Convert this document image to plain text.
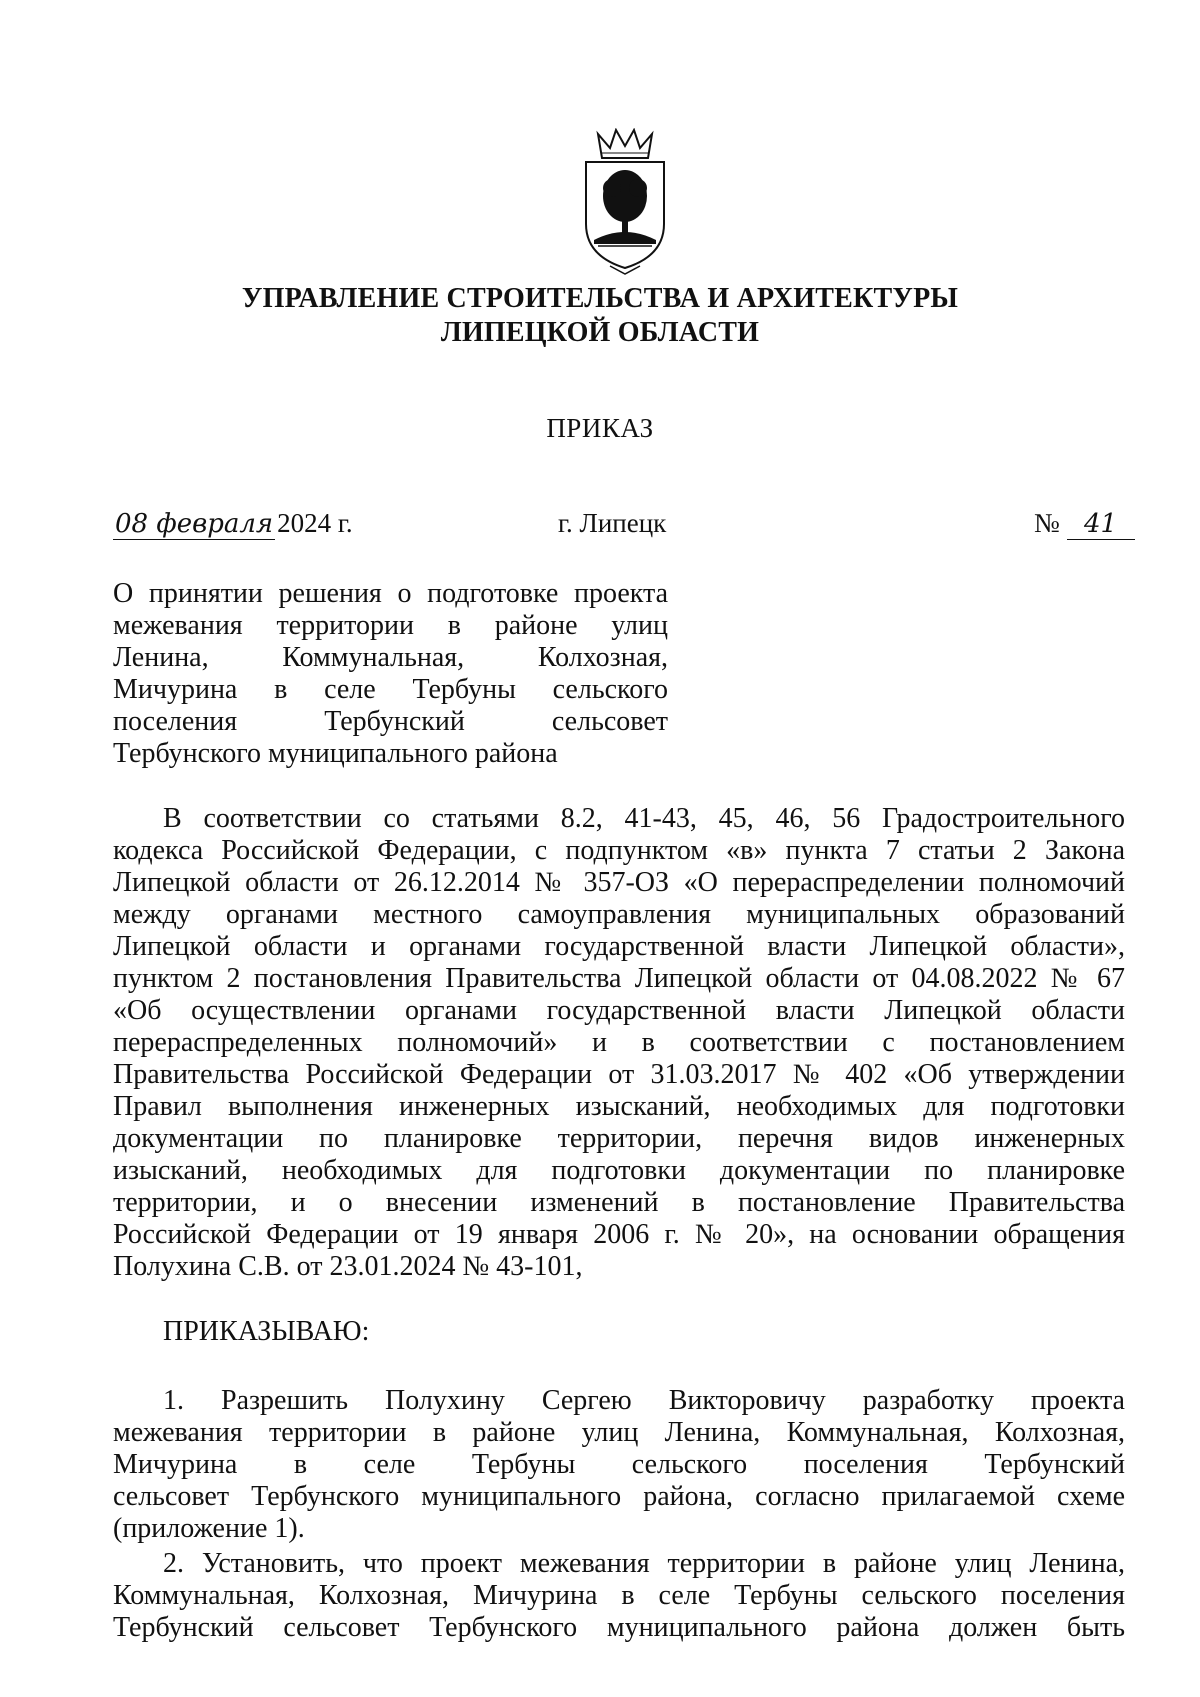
УПРАВЛЕНИЕ СТРОИТЕЛЬСТВА И АРХИТЕКТУРЫ
ЛИПЕЦКОЙ ОБЛАСТИ
ПРИКАЗ
08 февраля 2024 г.	г. Липецк	№ 41
О принятии решения о подготовке проекта
межевания территории в районе улиц
Ленина, Коммунальная, Колхозная,
Мичурина в селе Тербуны сельского
поселения Тербунский сельсовет
Тербунского муниципального района
В соответствии со статьями 8.2, 41-43, 45, 46, 56 Градостроительного
кодекса Российской Федерации, с подпунктом «в» пункта 7 статьи 2 Закона
Липецкой области от 26.12.2014 № 357-ОЗ «О перераспределении полномочий
между органами местного самоуправления муниципальных образований
Липецкой области и органами государственной власти Липецкой области»,
пунктом 2 постановления Правительства Липецкой области от 04.08.2022 № 67
«Об осуществлении органами государственной власти Липецкой области
перераспределенных полномочий» и в соответствии с постановлением
Правительства Российской Федерации от 31.03.2017 № 402 «Об утверждении
Правил выполнения инженерных изысканий, необходимых для подготовки
документации по планировке территории, перечня видов инженерных
изысканий, необходимых для подготовки документации по планировке
территории, и о внесении изменений в постановление Правительства
Российской Федерации от 19 января 2006 г. № 20», на основании обращения
Полухина С.В. от 23.01.2024 № 43-101,
ПРИКАЗЫВАЮ:
1. Разрешить Полухину Сергею Викторовичу разработку проекта
межевания территории в районе улиц Ленина, Коммунальная, Колхозная,
Мичурина в селе Тербуны сельского поселения Тербунский
сельсовет Тербунского муниципального района, согласно прилагаемой схеме
(приложение 1).
2. Установить, что проект межевания территории в районе улиц Ленина,
Коммунальная, Колхозная, Мичурина в селе Тербуны сельского поселения
Тербунский сельсовет Тербунского муниципального района должен быть
